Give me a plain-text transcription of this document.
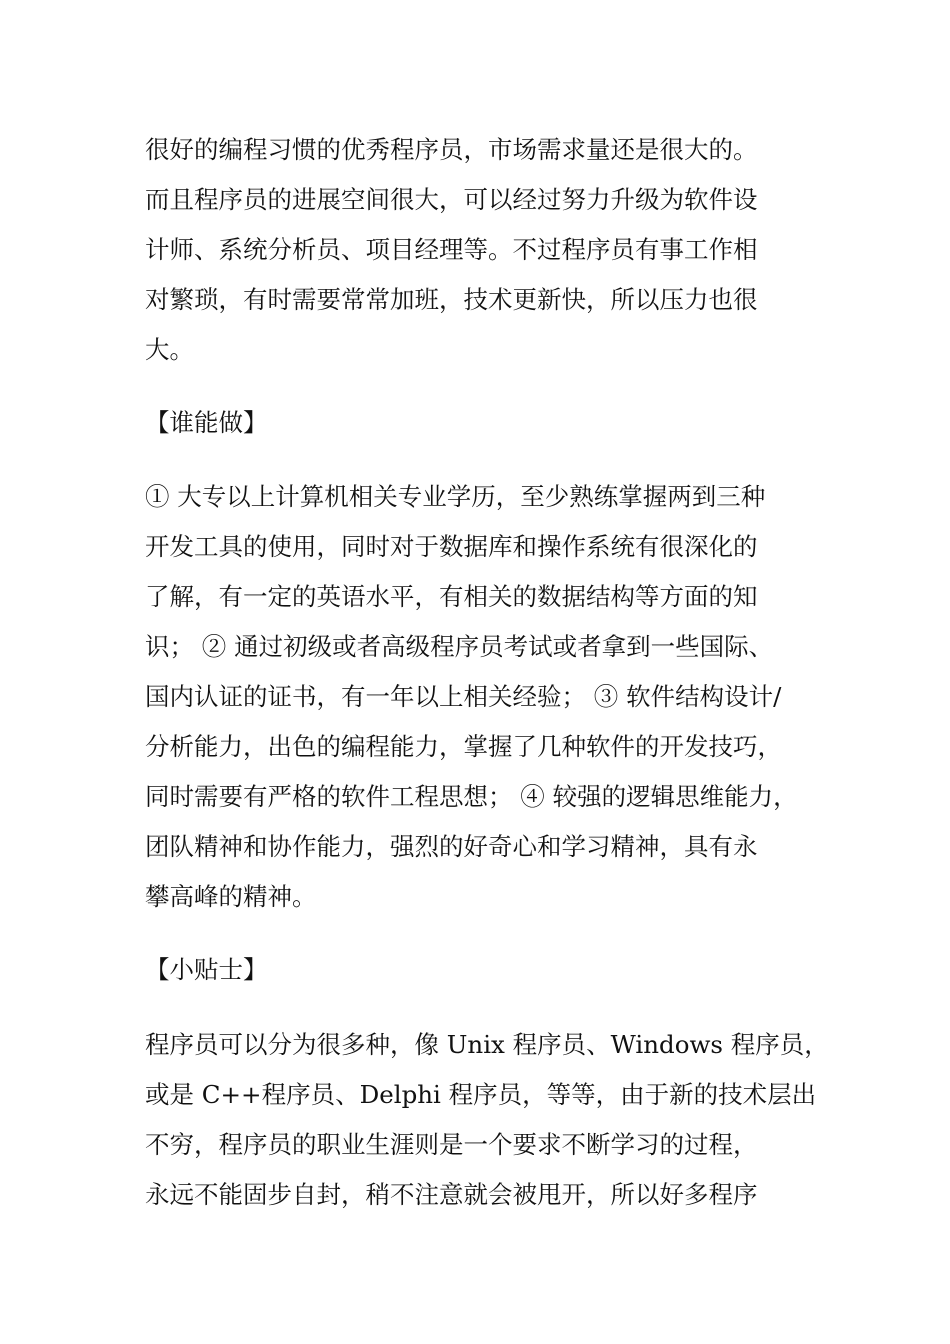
很好的编程习惯的优秀程序员，市场需求量还是很大的。
而且程序员的进展空间很大，可以经过努力升级为软件设
计师、系统分析员、项目经理等。不过程序员有事工作相
对繁琐，有时需要常常加班，技术更新快，所以压力也很
大。
【谁能做】
① 大专以上计算机相关专业学历，至少熟练掌握两到三种
开发工具的使用，同时对于数据库和操作系统有很深化的
了解，有一定的英语水平，有相关的数据结构等方面的知
识； ② 通过初级或者高级程序员考试或者拿到一些国际、
国内认证的证书，有一年以上相关经验； ③ 软件结构设计/
分析能力，出色的编程能力，掌握了几种软件的开发技巧，
同时需要有严格的软件工程思想； ④ 较强的逻辑思维能力，
团队精神和协作能力，强烈的好奇心和学习精神，具有永
攀高峰的精神。
【小贴士】
程序员可以分为很多种，像 Unix 程序员、Windows 程序员，
或是 C++程序员、Delphi 程序员，等等，由于新的技术层出
不穷，程序员的职业生涯则是一个要求不断学习的过程，
永远不能固步自封，稍不注意就会被甩开，所以好多程序
